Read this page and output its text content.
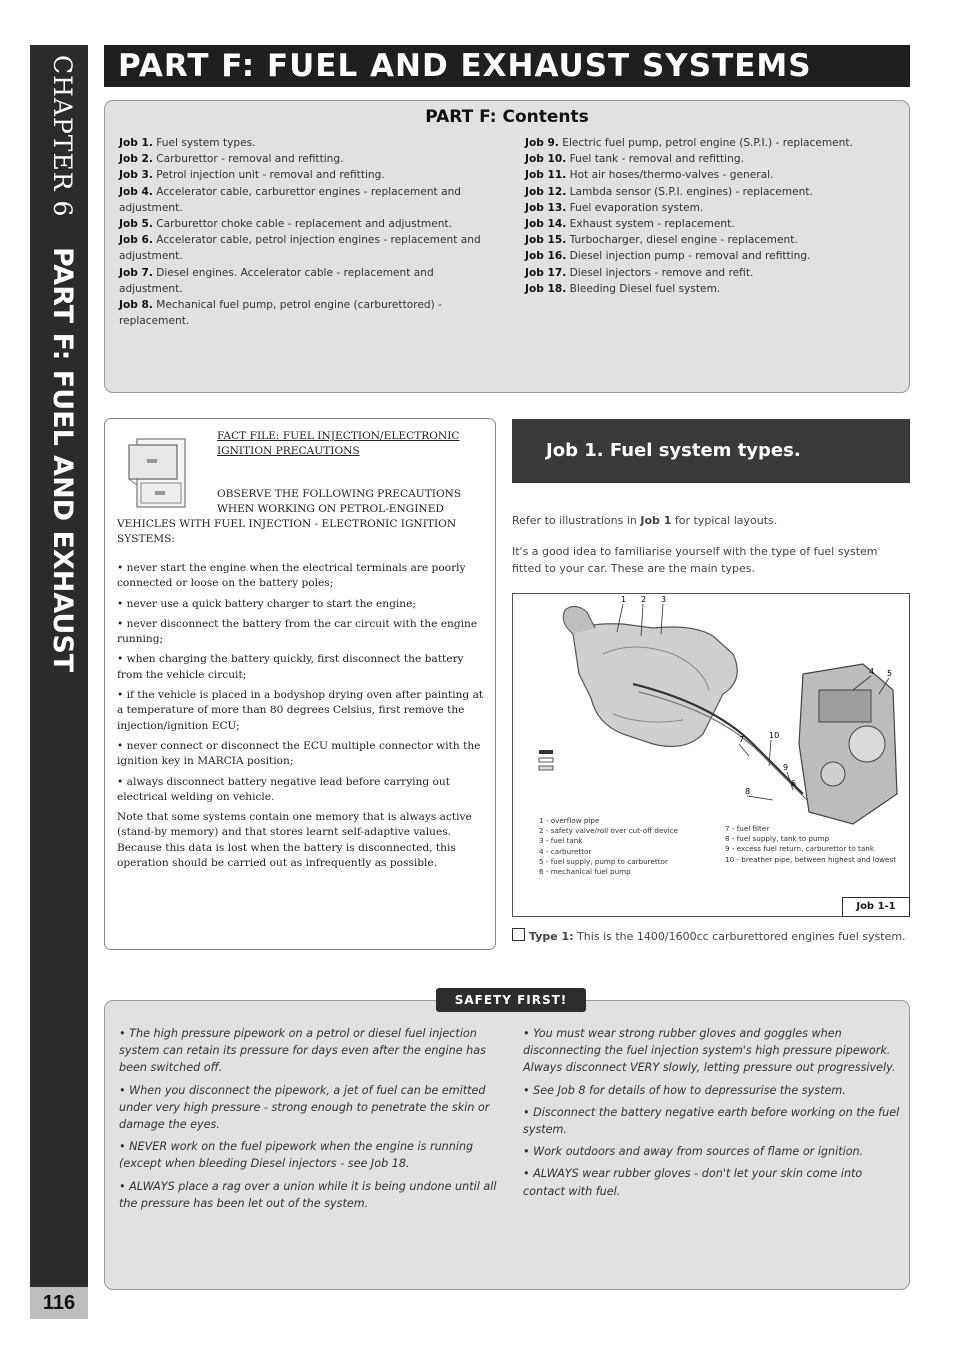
CHAPTER 6 PART F: FUEL AND EXHAUST
116
PART F: FUEL AND EXHAUST SYSTEMS
PART F: Contents

Job 1. Fuel system types.

Job 2. Carburettor - removal and refitting.

Job 3. Petrol injection unit - removal and refitting.

Job 4. Accelerator cable, carburettor engines - replacement and adjustment.

Job 5. Carburettor choke cable - replacement and adjustment.

Job 6. Accelerator cable, petrol injection engines - replacement and adjustment.

Job 7. Diesel engines. Accelerator cable - replacement and adjustment.

Job 8. Mechanical fuel pump, petrol engine (carburettored) - replacement.

Job 9. Electric fuel pump, petrol engine (S.P.I.) - replacement.

Job 10. Fuel tank - removal and refitting.

Job 11. Hot air hoses/thermo-valves - general.

Job 12. Lambda sensor (S.P.I. engines) - replacement.

Job 13. Fuel evaporation system.

Job 14. Exhaust system - replacement.

Job 15. Turbocharger, diesel engine - replacement.

Job 16. Diesel injection pump - removal and refitting.

Job 17. Diesel injectors - remove and refit.

Job 18. Bleeding Diesel fuel system.

FACT FILE: FUEL INJECTION/ELECTRONIC IGNITION PRECAUTIONS
OBSERVE THE FOLLOWING PRECAUTIONS WHEN WORKING ON PETROL-ENGINED
VEHICLES WITH FUEL INJECTION - ELECTRONIC IGNITION SYSTEMS:

• never start the engine when the electrical terminals are poorly connected or loose on the battery poles;

• never use a quick battery charger to start the engine;

• never disconnect the battery from the car circuit with the engine running;

• when charging the battery quickly, first disconnect the battery from the vehicle circuit;

• if the vehicle is placed in a bodyshop drying oven after painting at a temperature of more than 80 degrees Celsius, first remove the injection/ignition ECU;

• never connect or disconnect the ECU multiple connector with the ignition key in MARCIA position;

• always disconnect battery negative lead before carrying out electrical welding on vehicle.

Note that some systems contain one memory that is always active (stand-by memory) and that stores learnt self-adaptive values. Because this data is lost when the battery is disconnected, this operation should be carried out as infrequently as possible.

Job 1. Fuel system types.

Refer to illustrations in Job 1 for typical layouts.

It's a good idea to familiarise yourself with the type of fuel system fitted to your car. These are the main types.

1 2 3
4 5
6
7
8
9
10

1 - overflow pipe

2 - safety valve/roll over cut-off device

3 - fuel tank

4 - carburettor

5 - fuel supply, pump to carburettor

6 - mechanical fuel pump

7 - fuel filter

8 - fuel supply, tank to pump

9 - excess fuel return, carburettor to tank

10 - breather pipe, between highest and lowest

Job 1-1
Type 1: This is the 1400/1600cc carburettored engines fuel system.

• The high pressure pipework on a petrol or diesel fuel injection system can retain its pressure for days even after the engine has been switched off.

• When you disconnect the pipework, a jet of fuel can be emitted under very high pressure - strong enough to penetrate the skin or damage the eyes.

• NEVER work on the fuel pipework when the engine is running (except when bleeding Diesel injectors - see Job 18.

• ALWAYS place a rag over a union while it is being undone until all the pressure has been let out of the system.

• You must wear strong rubber gloves and goggles when disconnecting the fuel injection system's high pressure pipework. Always disconnect VERY slowly, letting pressure out progressively.

• See Job 8 for details of how to depressurise the system.

• Disconnect the battery negative earth before working on the fuel system.

• Work outdoors and away from sources of flame or ignition.

• ALWAYS wear rubber gloves - don't let your skin come into contact with fuel.

SAFETY FIRST!
